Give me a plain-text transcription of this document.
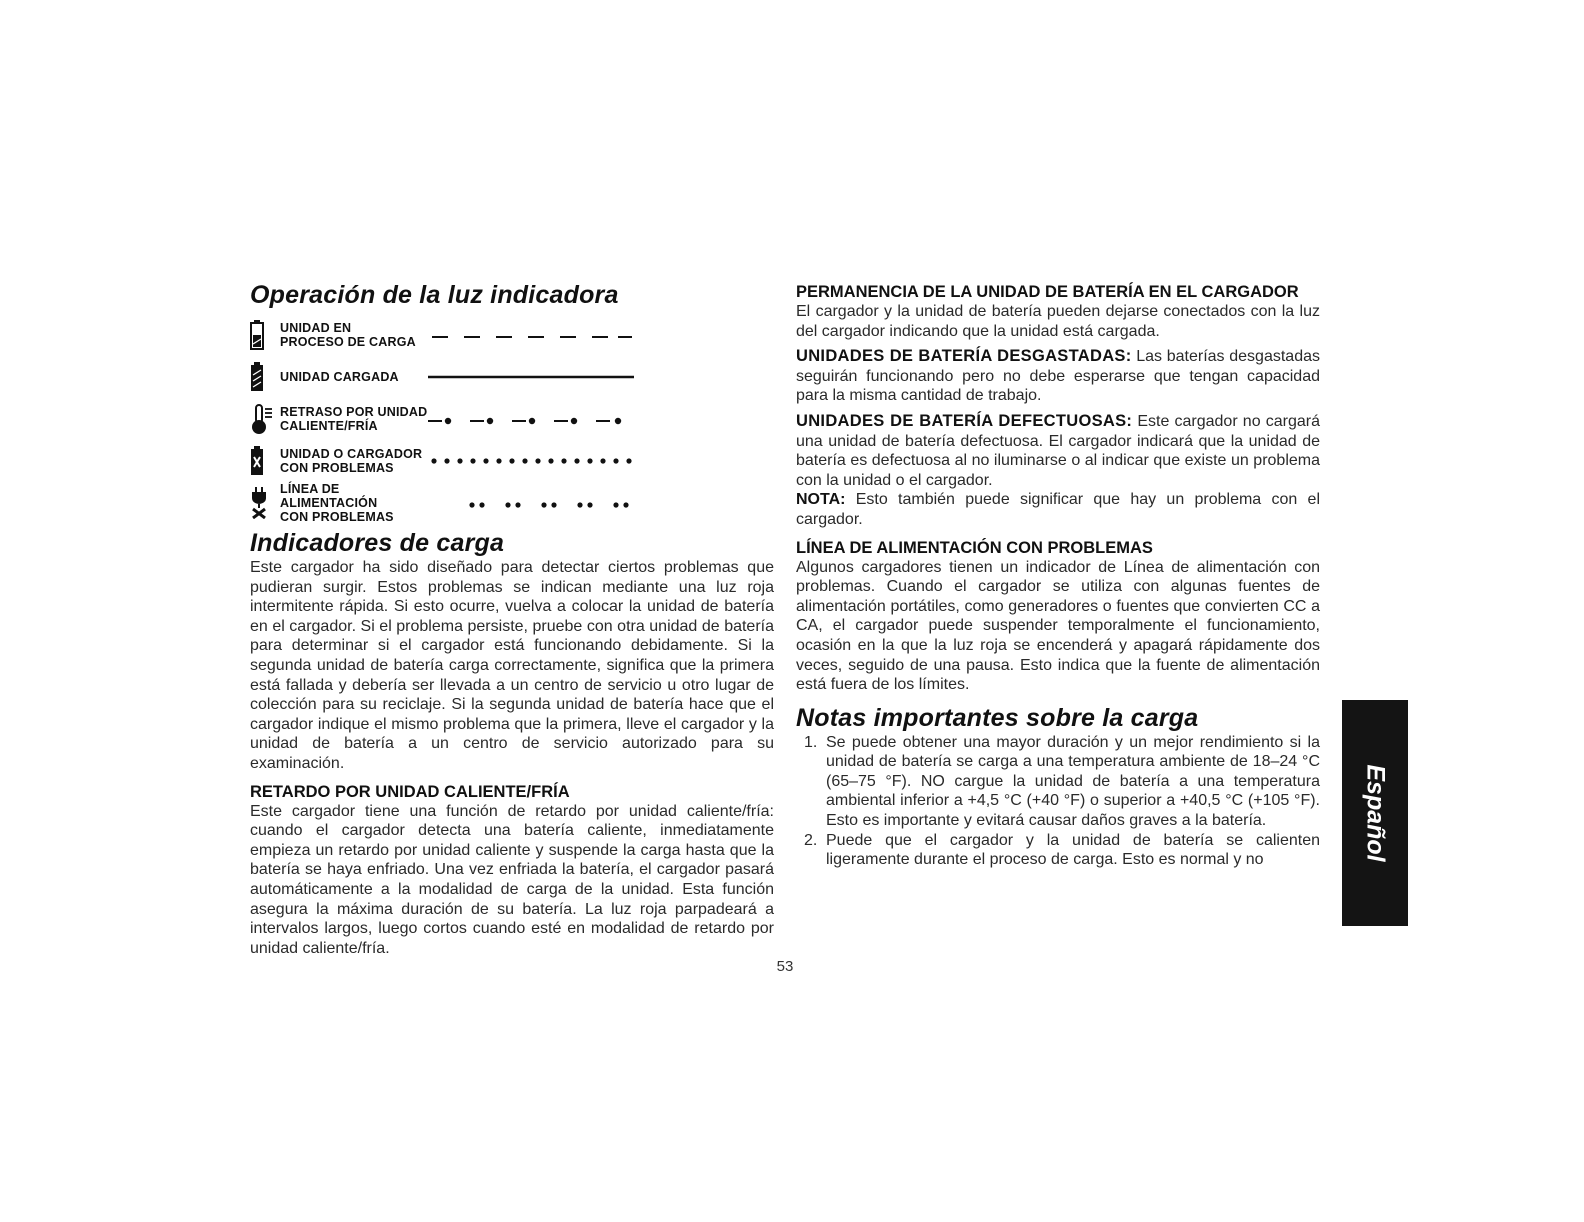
Operación de la luz indicadora
UNIDAD EN
PROCESO DE CARGA
UNIDAD CARGADA
RETRASO POR UNIDAD
CALIENTE/FRÍA
UNIDAD O CARGADOR
CON PROBLEMAS
LÍNEA DE ALIMENTACIÓN
CON PROBLEMAS
Indicadores de carga

Este cargador ha sido diseñado para detectar ciertos problemas que pudieran surgir. Estos problemas se indican mediante una luz roja intermitente rápida. Si esto ocurre, vuelva a colocar la unidad de batería en el cargador. Si el problema persiste, pruebe con otra unidad de batería para determinar si el cargador está funcionando debidamente. Si la segunda unidad de batería carga correctamente, significa que la primera está fallada y debería ser llevada a un centro de servicio u otro lugar de colección para su reciclaje. Si la segunda unidad de batería hace que el cargador indique el mismo problema que la primera, lleve el cargador y la unidad de batería a un centro de servicio autorizado para su examinación.

RETARDO POR UNIDAD CALIENTE/FRÍA

Este cargador tiene una función de retardo por unidad caliente/fría: cuando el cargador detecta una batería caliente, inmediatamente empieza un retardo por unidad caliente y suspende la carga hasta que la batería se haya enfriado. Una vez enfriada la batería, el cargador pasará automáticamente a la modalidad de carga de la unidad. Esta función asegura la máxima duración de su batería. La luz roja parpadeará a intervalos largos, luego cortos cuando esté en modalidad de retardo por unidad caliente/fría.

PERMANENCIA DE LA UNIDAD DE BATERÍA EN EL CARGADOR

El cargador y la unidad de batería pueden dejarse conectados con la luz del cargador indicando que la unidad está cargada.

UNIDADES DE BATERÍA DESGASTADAS: Las baterías desgastadas seguirán funcionando pero no debe esperarse que tengan capacidad para la misma cantidad de trabajo.

UNIDADES DE BATERÍA DEFECTUOSAS: Este cargador no cargará una unidad de batería defectuosa. El cargador indicará que la unidad de batería es defectuosa al no iluminarse o al indicar que existe un problema con la unidad o el cargador.

NOTA: Esto también puede significar que hay un problema con el cargador.

LÍNEA DE ALIMENTACIÓN CON PROBLEMAS

Algunos cargadores tienen un indicador de Línea de alimentación con problemas. Cuando el cargador se utiliza con algunas fuentes de alimentación portátiles, como generadores o fuentes que convierten CC a CA, el cargador puede suspender temporalmente el funcionamiento, ocasión en la que la luz roja se encenderá y apagará rápidamente dos veces, seguido de una pausa. Esto indica que la fuente de alimentación está fuera de los límites.

Notas importantes sobre la carga
1. Se puede obtener una mayor duración y un mejor rendimiento si la unidad de batería se carga a una temperatura ambiente de 18–24 °C (65–75 °F). NO cargue la unidad de batería a una temperatura ambiental inferior a +4,5 °C (+40 °F) o superior a +40,5 °C (+105 °F). Esto es importante y evitará causar daños graves a la batería.
2. Puede que el cargador y la unidad de batería se calienten ligeramente durante el proceso de carga. Esto es normal y no	Español
53
